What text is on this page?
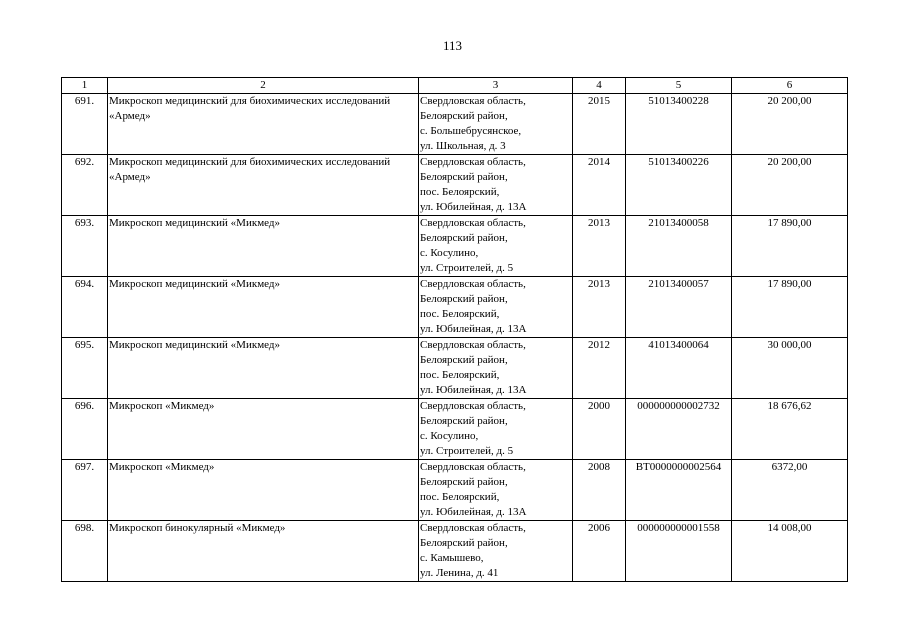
113
1	2	3	4	5	6
691.	Микроскоп медицинский для биохимических исследований «Армед»	Свердловская область,
Белоярский район,
с. Большебрусянское,
ул. Школьная, д. 3	2015	51013400228	20 200,00
692.	Микроскоп медицинский для биохимических исследований «Армед»	Свердловская область,
Белоярский район,
пос. Белоярский,
ул. Юбилейная, д. 13А	2014	51013400226	20 200,00
693.	Микроскоп медицинский «Микмед»	Свердловская область,
Белоярский район,
с. Косулино,
ул. Строителей, д. 5	2013	21013400058	17 890,00
694.	Микроскоп медицинский «Микмед»	Свердловская область,
Белоярский район,
пос. Белоярский,
ул. Юбилейная, д. 13А	2013	21013400057	17 890,00
695.	Микроскоп медицинский «Микмед»	Свердловская область,
Белоярский район,
пос. Белоярский,
ул. Юбилейная, д. 13А	2012	41013400064	30 000,00
696.	Микроскоп «Микмед»	Свердловская область,
Белоярский район,
с. Косулино,
ул. Строителей, д. 5	2000	000000000002732	18 676,62
697.	Микроскоп «Микмед»	Свердловская область,
Белоярский район,
пос. Белоярский,
ул. Юбилейная, д. 13А	2008	ВТ0000000002564	6372,00
698.	Микроскоп бинокулярный «Микмед»	Свердловская область,
Белоярский район,
с. Камышево,
ул. Ленина, д. 41	2006	000000000001558	14 008,00
